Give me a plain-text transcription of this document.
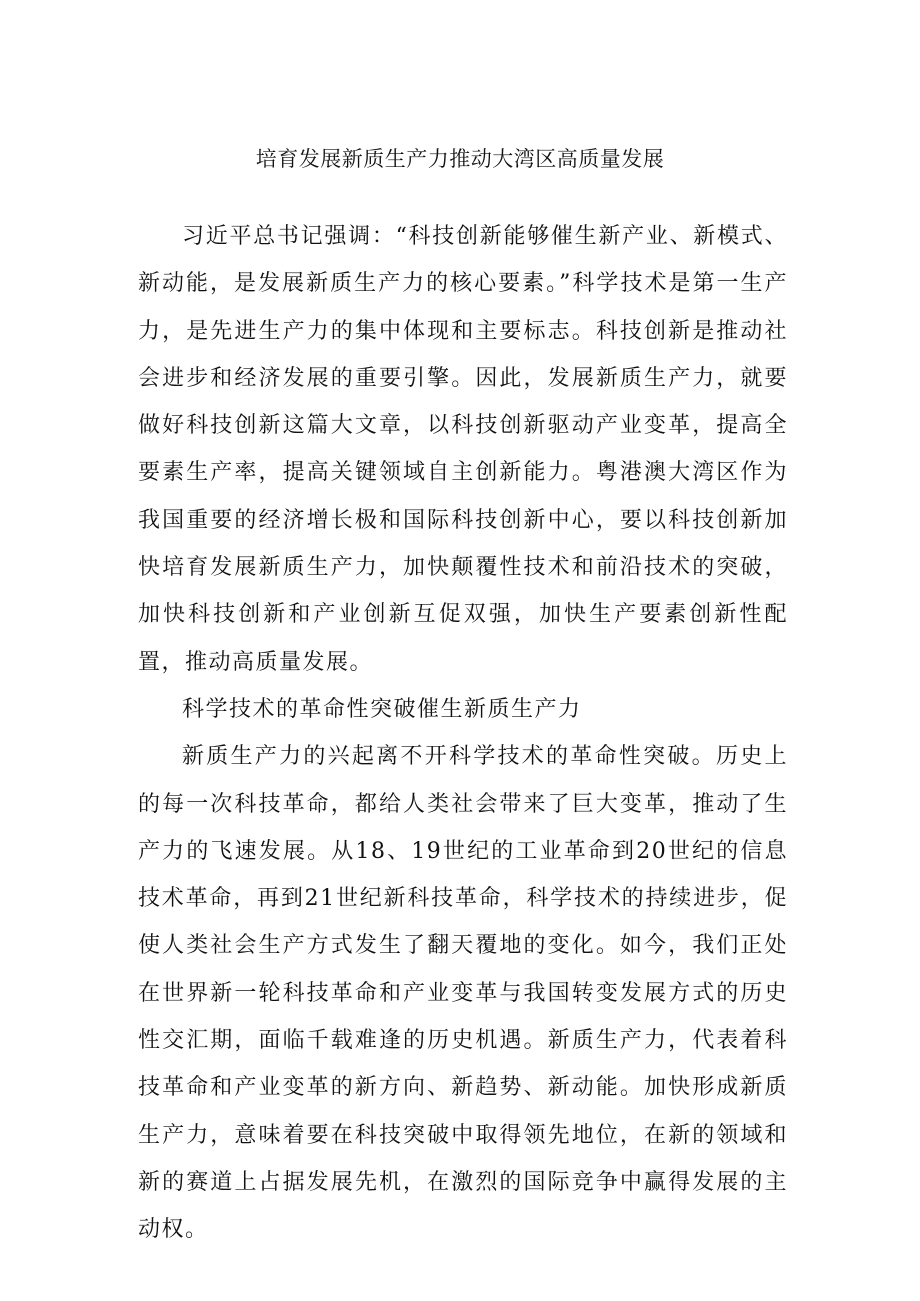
培育发展新质生产力推动大湾区高质量发展

习近平总书记强调：“科技创新能够催生新产业、新模式、新动能，是发展新质生产力的核心要素。”科学技术是第一生产力，是先进生产力的集中体现和主要标志。科技创新是推动社会进步和经济发展的重要引擎。因此，发展新质生产力，就要做好科技创新这篇大文章，以科技创新驱动产业变革，提高全要素生产率，提高关键领域自主创新能力。粤港澳大湾区作为我国重要的经济增长极和国际科技创新中心，要以科技创新加快培育发展新质生产力，加快颠覆性技术和前沿技术的突破，加快科技创新和产业创新互促双强，加快生产要素创新性配置，推动高质量发展。

科学技术的革命性突破催生新质生产力

新质生产力的兴起离不开科学技术的革命性突破。历史上的每一次科技革命，都给人类社会带来了巨大变革，推动了生产力的飞速发展。从18、19世纪的工业革命到20世纪的信息技术革命，再到21世纪新科技革命，科学技术的持续进步，促使人类社会生产方式发生了翻天覆地的变化。如今，我们正处在世界新一轮科技革命和产业变革与我国转变发展方式的历史性交汇期，面临千载难逢的历史机遇。新质生产力，代表着科技革命和产业变革的新方向、新趋势、新动能。加快形成新质生产力，意味着要在科技突破中取得领先地位，在新的领域和新的赛道上占据发展先机，在激烈的国际竞争中赢得发展的主动权。
